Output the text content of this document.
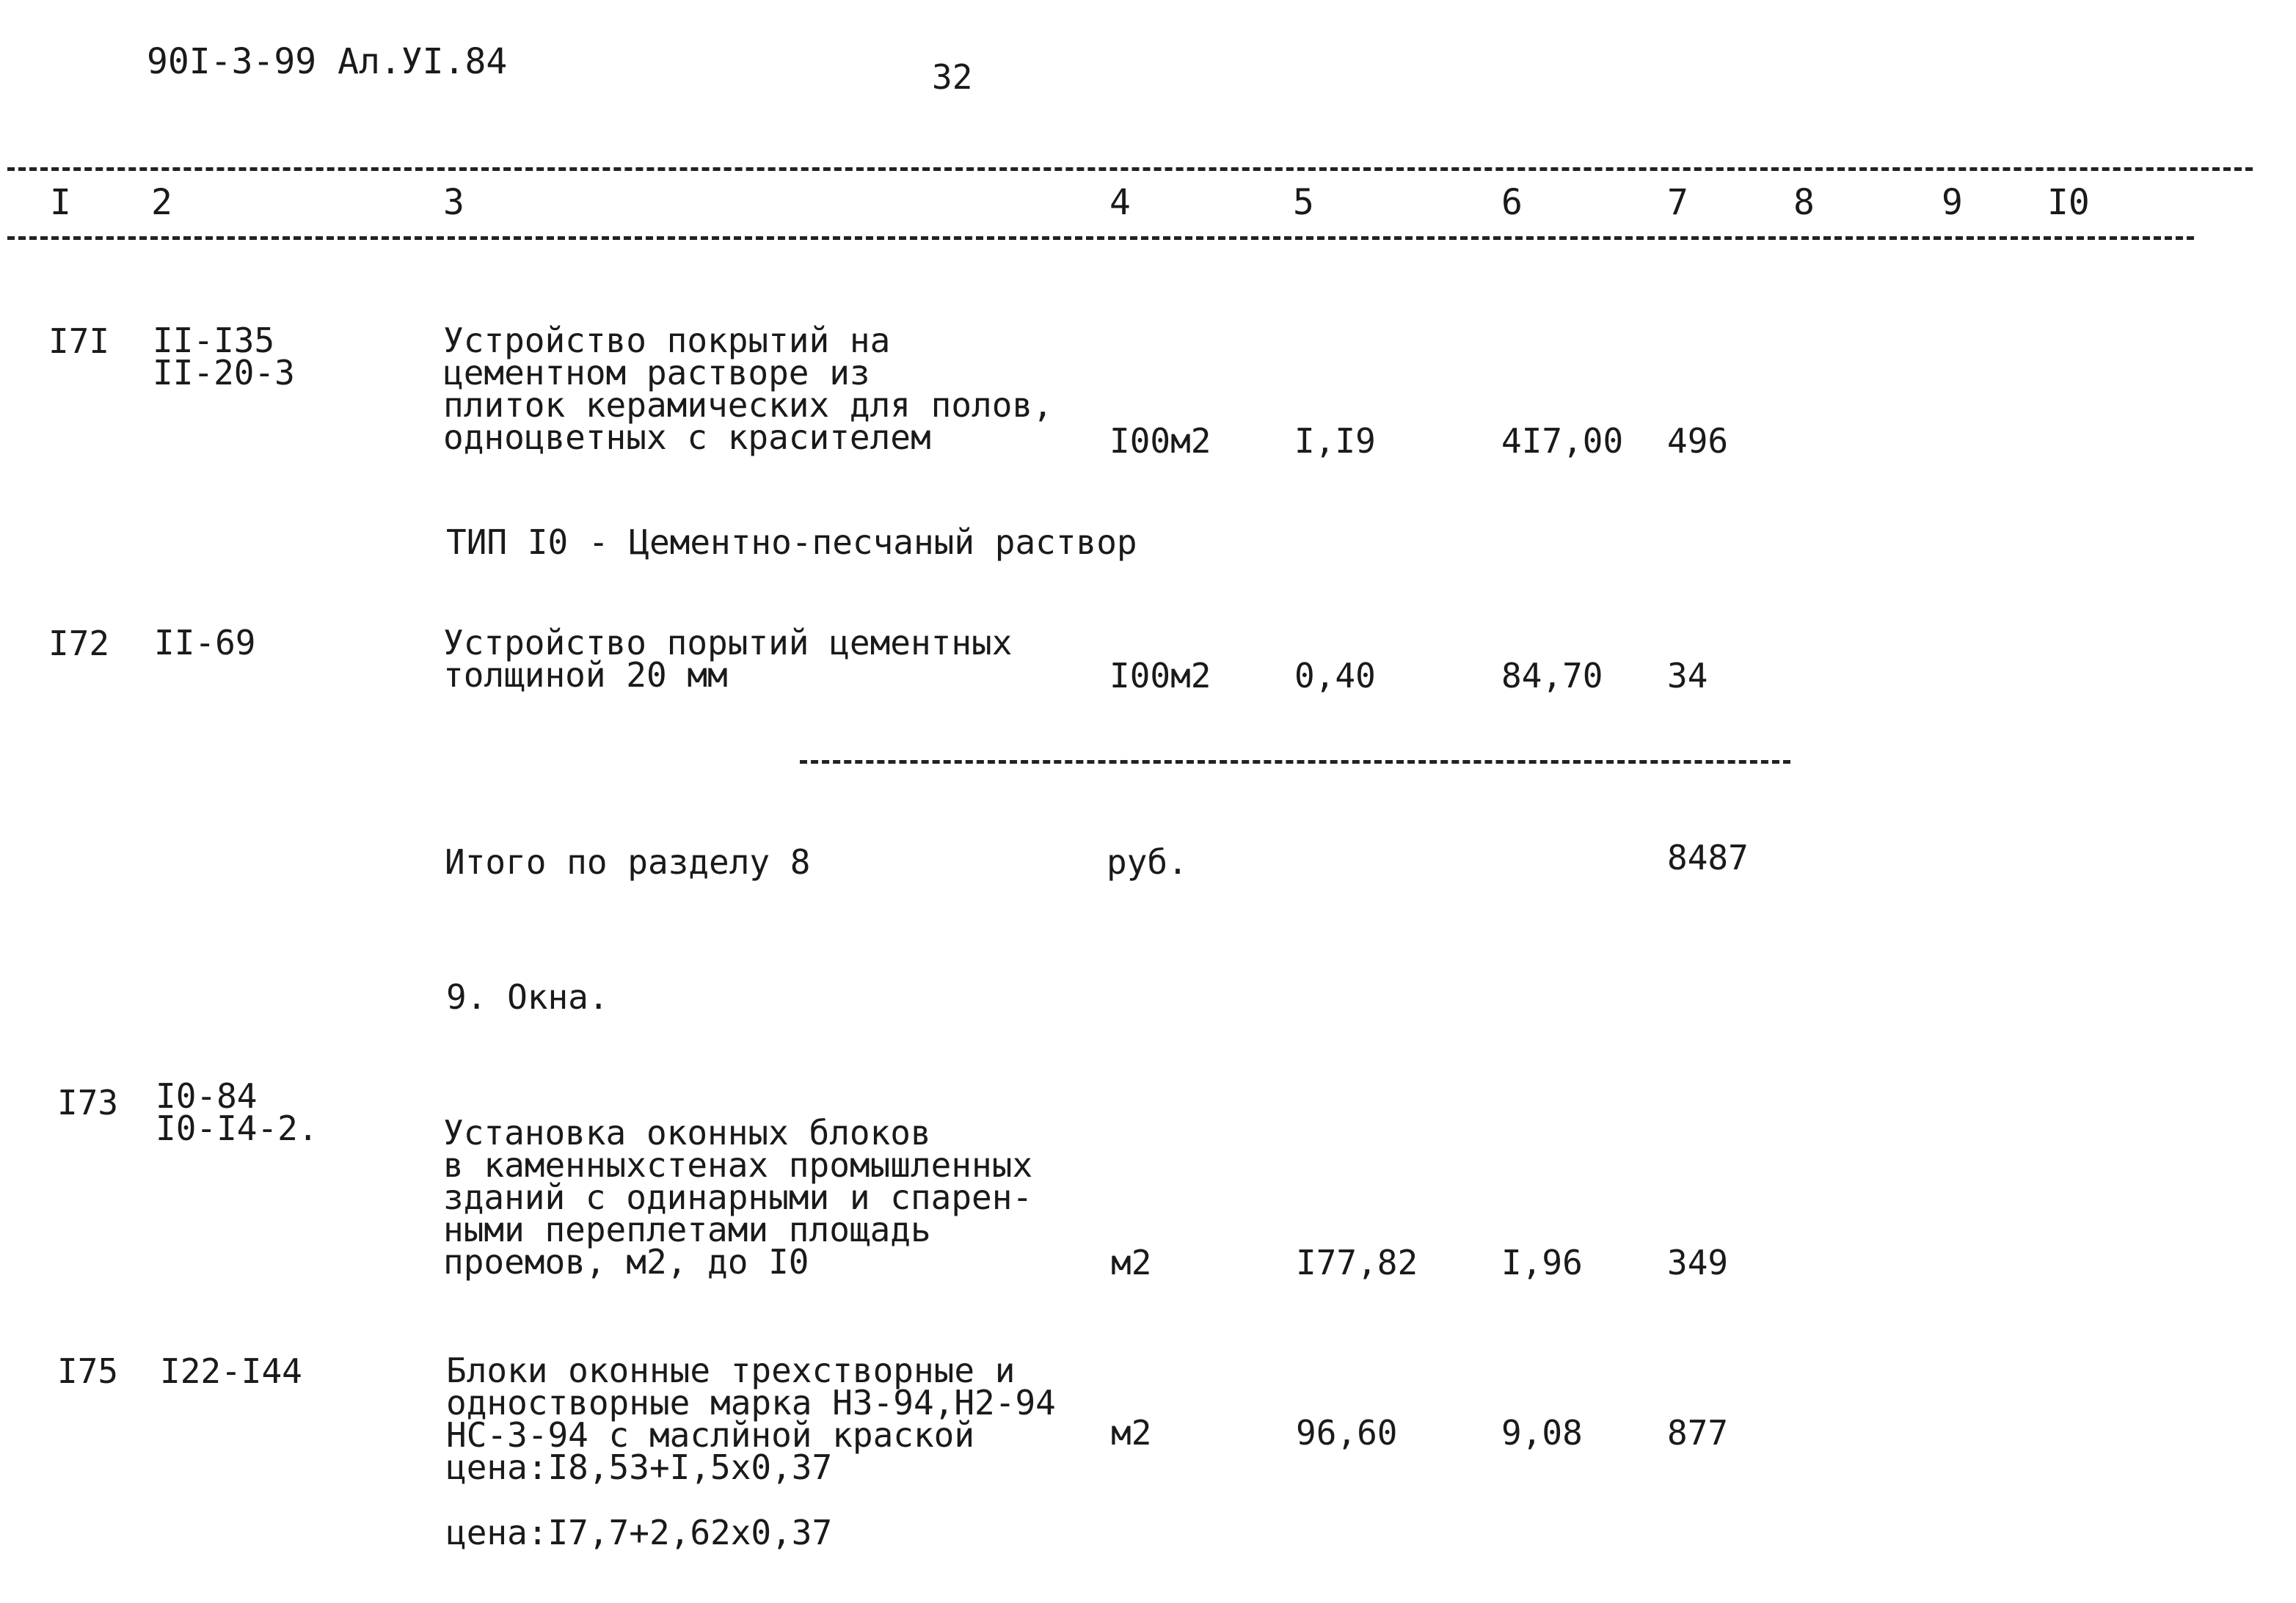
90I-3-99 Ал.УI.84	32
I 2	3	4	5	6	7	8	9 I0
I7I II-I35
II-20-3
Устройство покрытий на
цементном растворе из
плиток керамических для полов,
одноцветных с красителем	I00м2 I,I9	4I7,00 496
ТИП I0 - Цементно-песчаный раствор
I72 II-69	Устройство порытий цементных
толщиной 20 мм	I00м2 0,40	84,70 34
Итого по разделу 8	руб.	8487
9. Окна.
I73 I0-84
I0-I4-2.	Установка оконных блоков
в каменныхстенах промышленных
зданий с одинарными и спарен-
ными переплетами площадь
проемов, м2, до I0	м2	I77,82 I,96	349
I75 I22-I44	Блоки оконные трехстворные и
одностворные марка Н3-94,Н2-94
НС-3-94 с маслйной краской
цена:I8,53+I,5х0,37
цена:I7,7+2,62х0,37
м2	96,60	9,08	877
